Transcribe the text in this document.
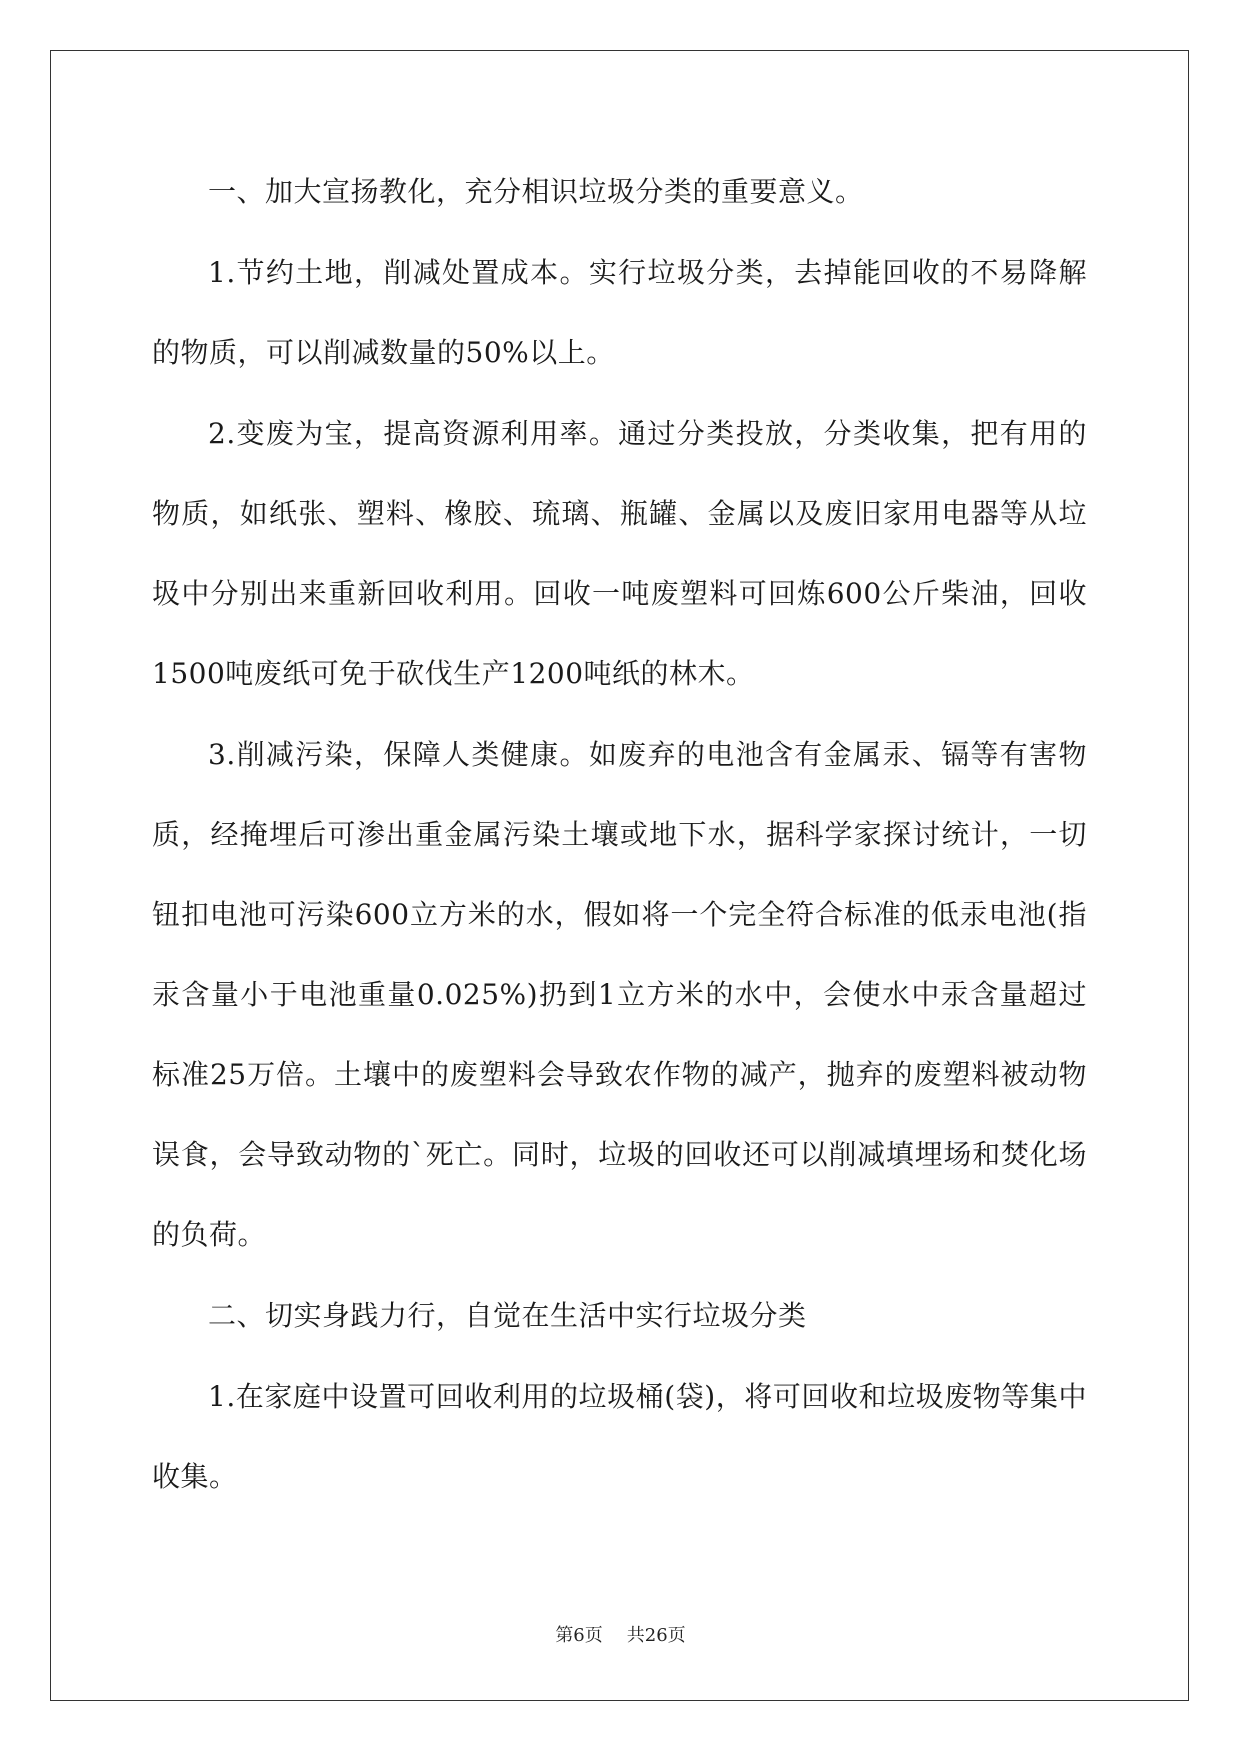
一、加大宣扬教化，充分相识垃圾分类的重要意义。

1.节约土地，削减处置成本。实行垃圾分类，去掉能回收的不易降解的物质，可以削减数量的50%以上。

2.变废为宝，提高资源利用率。通过分类投放，分类收集，把有用的物质，如纸张、塑料、橡胶、琉璃、瓶罐、金属以及废旧家用电器等从垃圾中分别出来重新回收利用。回收一吨废塑料可回炼600公斤柴油，回收1500吨废纸可免于砍伐生产1200吨纸的林木。

3.削减污染，保障人类健康。如废弃的电池含有金属汞、镉等有害物质，经掩埋后可渗出重金属污染土壤或地下水，据科学家探讨统计，一切钮扣电池可污染600立方米的水，假如将一个完全符合标准的低汞电池(指汞含量小于电池重量0.025%)扔到1立方米的水中，会使水中汞含量超过标准25万倍。土壤中的废塑料会导致农作物的减产，抛弃的废塑料被动物误食，会导致动物的`死亡。同时，垃圾的回收还可以削减填埋场和焚化场的负荷。

二、切实身践力行，自觉在生活中实行垃圾分类

1.在家庭中设置可回收利用的垃圾桶(袋)，将可回收和垃圾废物等集中收集。

第6页 共26页
